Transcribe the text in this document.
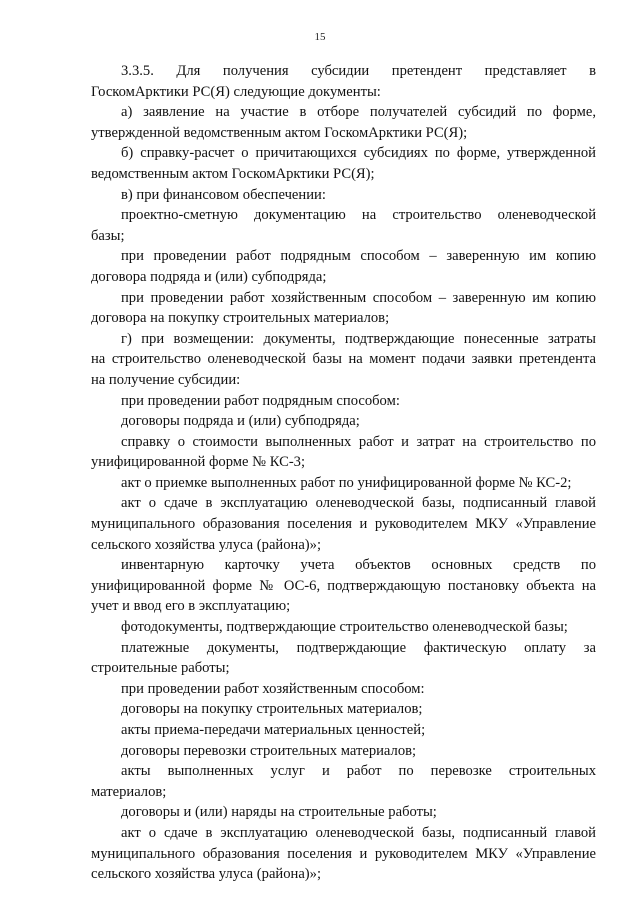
15
3.3.5. Для получения субсидии претендент представляет в
ГоскомАрктики РС(Я) следующие документы:
а) заявление на участие в отборе получателей субсидий по форме,
утвержденной ведомственным актом ГоскомАрктики РС(Я);
б) справку-расчет о причитающихся субсидиях по форме, утвержденной
ведомственным актом ГоскомАрктики РС(Я);
в) при финансовом обеспечении:
проектно-сметную документацию на строительство оленеводческой
базы;
при проведении работ подрядным способом – заверенную им копию
договора подряда и (или) субподряда;
при проведении работ хозяйственным способом – заверенную им копию
договора на покупку строительных материалов;
г) при возмещении: документы, подтверждающие понесенные затраты
на строительство оленеводческой базы на момент подачи заявки претендента
на получение субсидии:
при проведении работ подрядным способом:
договоры подряда и (или) субподряда;
справку о стоимости выполненных работ и затрат на строительство по
унифицированной форме № КС-3;
акт о приемке выполненных работ по унифицированной форме № КС-2;
акт о сдаче в эксплуатацию оленеводческой базы, подписанный главой
муниципального образования поселения и руководителем МКУ «Управление
сельского хозяйства улуса (района)»;
инвентарную карточку учета объектов основных средств по
унифицированной форме № ОС-6, подтверждающую постановку объекта на
учет и ввод его в эксплуатацию;
фотодокументы, подтверждающие строительство оленеводческой базы;
платежные документы, подтверждающие фактическую оплату за
строительные работы;
при проведении работ хозяйственным способом:
договоры на покупку строительных материалов;
акты приема-передачи материальных ценностей;
договоры перевозки строительных материалов;
акты выполненных услуг и работ по перевозке строительных
материалов;
договоры и (или) наряды на строительные работы;
акт о сдаче в эксплуатацию оленеводческой базы, подписанный главой
муниципального образования поселения и руководителем МКУ «Управление
сельского хозяйства улуса (района)»;
